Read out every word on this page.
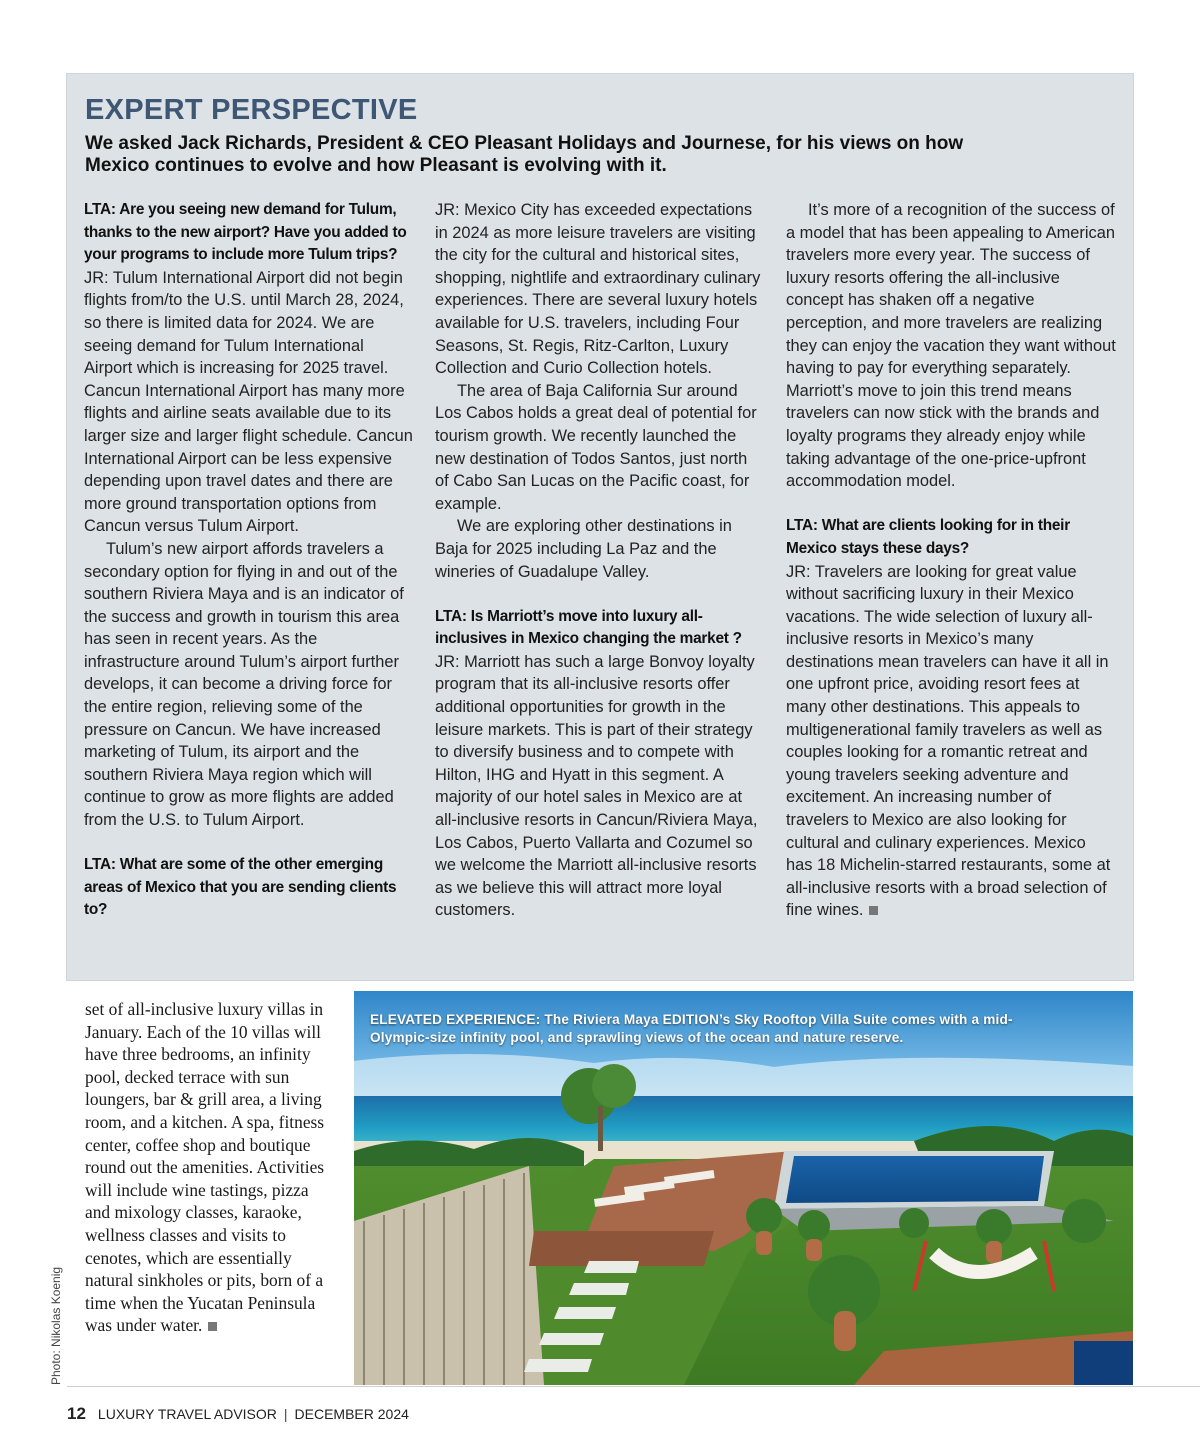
EXPERT PERSPECTIVE

We asked Jack Richards, President & CEO Pleasant Holidays and Journese, for his views on how Mexico continues to evolve and how Pleasant is evolving with it.

LTA: Are you seeing new demand for Tulum, thanks to the new airport? Have you added to your programs to include more Tulum trips?

JR: Tulum International Airport did not begin flights from/to the U.S. until March 28, 2024, so there is limited data for 2024. We are seeing demand for Tulum International Airport which is increasing for 2025 travel. Cancun International Airport has many more flights and airline seats available due to its larger size and larger flight schedule. Cancun International Airport can be less expensive depending upon travel dates and there are more ground transportation options from Cancun versus Tulum Airport.

Tulum’s new airport affords travelers a secondary option for flying in and out of the southern Riviera Maya and is an indicator of the success and growth in tourism this area has seen in recent years. As the infrastructure around Tulum’s airport further develops, it can become a driving force for the entire region, relieving some of the pressure on Cancun. We have increased marketing of Tulum, its airport and the southern Riviera Maya region which will continue to grow as more flights are added from the U.S. to Tulum Airport.

LTA: What are some of the other emerging areas of Mexico that you are sending clients to?

JR: Mexico City has exceeded expectations in 2024 as more leisure travelers are visiting the city for the cultural and historical sites, shopping, nightlife and extraordinary culinary experiences. There are several luxury hotels available for U.S. travelers, including Four Seasons, St. Regis, Ritz-Carlton, Luxury Collection and Curio Collection hotels.

The area of Baja California Sur around Los Cabos holds a great deal of potential for tourism growth. We recently launched the new destination of Todos Santos, just north of Cabo San Lucas on the Pacific coast, for example.

We are exploring other destinations in Baja for 2025 including La Paz and the wineries of Guadalupe Valley.

LTA: Is Marriott’s move into luxury all-inclusives in Mexico changing the market ?

JR: Marriott has such a large Bonvoy loyalty program that its all-inclusive resorts offer additional opportunities for growth in the leisure markets. This is part of their strategy to diversify business and to compete with Hilton, IHG and Hyatt in this segment. A majority of our hotel sales in Mexico are at all-inclusive resorts in Cancun/Riviera Maya, Los Cabos, Puerto Vallarta and Cozumel so we welcome the Marriott all-inclusive resorts as we believe this will attract more loyal customers.

It’s more of a recognition of the success of a model that has been appealing to American travelers more every year. The success of luxury resorts offering the all-inclusive concept has shaken off a negative perception, and more travelers are realizing they can enjoy the vacation they want without having to pay for everything separately. Marriott’s move to join this trend means travelers can now stick with the brands and loyalty programs they already enjoy while taking advantage of the one-price-upfront accommodation model.

LTA: What are clients looking for in their Mexico stays these days?

JR: Travelers are looking for great value without sacrificing luxury in their Mexico vacations. The wide selection of luxury all-inclusive resorts in Mexico’s many destinations mean travelers can have it all in one upfront price, avoiding resort fees at many other destinations. This appeals to multigenerational family travelers as well as couples looking for a romantic retreat and young travelers seeking adventure and excitement. An increasing number of travelers to Mexico are also looking for cultural and culinary experiences. Mexico has 18 Michelin-starred restaurants, some at all-inclusive resorts with a broad selection of fine wines.

set of all-inclusive luxury villas in January. Each of the 10 villas will have three bedrooms, an infinity pool, decked terrace with sun loungers, bar & grill area, a living room, and a kitchen. A spa, fitness center, coffee shop and boutique round out the amenities. Activities will include wine tastings, pizza and mixology classes, karaoke, wellness classes and visits to cenotes, which are essentially natural sinkholes or pits, born of a time when the Yucatan Peninsula was under water.
Photo: Nikolas Koenig
ELEVATED EXPERIENCE: The Riviera Maya EDITION’s Sky Rooftop Villa Suite comes with a mid-Olympic-size infinity pool, and sprawling views of the ocean and nature reserve.
12 LUXURY TRAVEL ADVISOR | DECEMBER 2024
